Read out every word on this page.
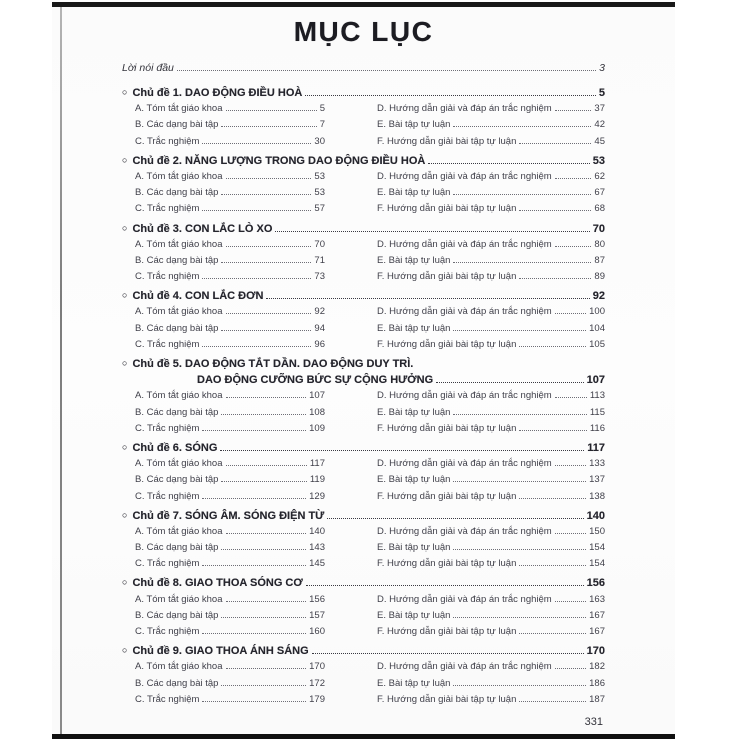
MỤC LỤC
Lời nói đầu	3
○ Chủ đề 1. DAO ĐỘNG ĐIỀU HOÀ	5
A. Tóm tắt giáo khoa	5
B. Các dạng bài tập	7
C. Trắc nghiệm	30
D. Hướng dẫn giải và đáp án trắc nghiệm	37
E. Bài tập tự luận	42
F. Hướng dẫn giải bài tập tự luận	45
○ Chủ đề 2. NĂNG LƯỢNG TRONG DAO ĐỘNG ĐIỀU HOÀ	53
A. Tóm tắt giáo khoa	53
B. Các dạng bài tập	53
C. Trắc nghiệm	57
D. Hướng dẫn giải và đáp án trắc nghiệm	62
E. Bài tập tự luận	67
F. Hướng dẫn giải bài tập tự luận	68
○ Chủ đề 3. CON LẮC LÒ XO	70
A. Tóm tắt giáo khoa	70
B. Các dạng bài tập	71
C. Trắc nghiệm	73
D. Hướng dẫn giải và đáp án trắc nghiệm	80
E. Bài tập tự luận	87
F. Hướng dẫn giải bài tập tự luận	89
○ Chủ đề 4. CON LẮC ĐƠN	92
A. Tóm tắt giáo khoa	92
B. Các dạng bài tập	94
C. Trắc nghiệm	96
D. Hướng dẫn giải và đáp án trắc nghiệm	100
E. Bài tập tự luận	104
F. Hướng dẫn giải bài tập tự luận	105
○ Chủ đề 5. DAO ĐỘNG TẮT DẦN. DAO ĐỘNG DUY TRÌ.
DAO ĐỘNG CƯỠNG BỨC SỰ CỘNG HƯỞNG	107
A. Tóm tắt giáo khoa	107
B. Các dạng bài tập	108
C. Trắc nghiệm	109
D. Hướng dẫn giải và đáp án trắc nghiệm	113
E. Bài tập tự luận	115
F. Hướng dẫn giải bài tập tự luận	116
○ Chủ đề 6. SÓNG	117
A. Tóm tắt giáo khoa	117
B. Các dạng bài tập	119
C. Trắc nghiệm	129
D. Hướng dẫn giải và đáp án trắc nghiệm	133
E. Bài tập tự luận	137
F. Hướng dẫn giải bài tập tự luận	138
○ Chủ đề 7. SÓNG ÂM. SÓNG ĐIỆN TỪ	140
A. Tóm tắt giáo khoa	140
B. Các dạng bài tập	143
C. Trắc nghiệm	145
D. Hướng dẫn giải và đáp án trắc nghiệm	150
E. Bài tập tự luận	154
F. Hướng dẫn giải bài tập tự luận	154
○ Chủ đề 8. GIAO THOA SÓNG CƠ	156
A. Tóm tắt giáo khoa	156
B. Các dạng bài tập	157
C. Trắc nghiệm	160
D. Hướng dẫn giải và đáp án trắc nghiệm	163
E. Bài tập tự luận	167
F. Hướng dẫn giải bài tập tự luận	167
○ Chủ đề 9. GIAO THOA ÁNH SÁNG	170
A. Tóm tắt giáo khoa	170
B. Các dạng bài tập	172
C. Trắc nghiệm	179
D. Hướng dẫn giải và đáp án trắc nghiệm	182
E. Bài tập tự luận	186
F. Hướng dẫn giải bài tập tự luận	187
331
